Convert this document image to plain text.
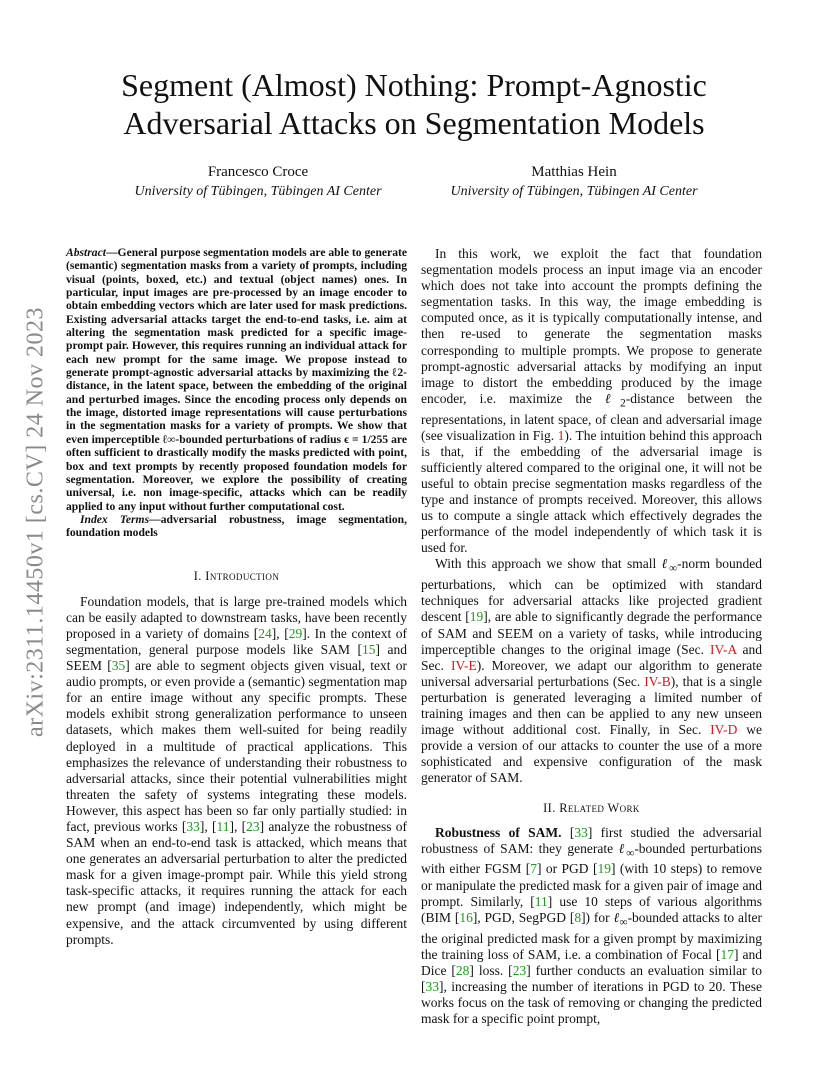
arXiv:2311.14450v1 [cs.CV] 24 Nov 2023
Segment (Almost) Nothing: Prompt-Agnostic
Adversarial Attacks on Segmentation Models
Francesco Croce
University of Tübingen, Tübingen AI Center
Matthias Hein
University of Tübingen, Tübingen AI Center

Abstract—General purpose segmentation models are able to generate (semantic) segmentation masks from a variety of prompts, including visual (points, boxed, etc.) and textual (object names) ones. In particular, input images are pre-processed by an image encoder to obtain embedding vectors which are later used for mask predictions. Existing adversarial attacks target the end-to-end tasks, i.e. aim at altering the segmentation mask predicted for a specific image-prompt pair. However, this requires running an individual attack for each new prompt for the same image. We propose instead to generate prompt-agnostic adversarial attacks by maximizing the ℓ2-distance, in the latent space, between the embedding of the original and perturbed images. Since the encoding process only depends on the image, distorted image representations will cause perturbations in the segmentation masks for a variety of prompts. We show that even imperceptible ℓ∞-bounded perturbations of radius ϵ = 1/255 are often sufficient to drastically modify the masks predicted with point, box and text prompts by recently proposed foundation models for segmentation. Moreover, we explore the possibility of creating universal, i.e. non image-specific, attacks which can be readily applied to any input without further computational cost.

Index Terms—adversarial robustness, image segmentation, foundation models

I. Introduction

Foundation models, that is large pre-trained models which can be easily adapted to downstream tasks, have been recently proposed in a variety of domains [24], [29]. In the context of segmentation, general purpose models like SAM [15] and SEEM [35] are able to segment objects given visual, text or audio prompts, or even provide a (semantic) segmentation map for an entire image without any specific prompts. These models exhibit strong generalization performance to unseen datasets, which makes them well-suited for being readily deployed in a multitude of practical applications. This emphasizes the relevance of understanding their robustness to adversarial attacks, since their potential vulnerabilities might threaten the safety of systems integrating these models. However, this aspect has been so far only partially studied: in fact, previous works [33], [11], [23] analyze the robustness of SAM when an end-to-end task is attacked, which means that one generates an adversarial perturbation to alter the predicted mask for a given image-prompt pair. While this yield strong task-specific attacks, it requires running the attack for each new prompt (and image) independently, which might be expensive, and the attack circumvented by using different prompts.

In this work, we exploit the fact that foundation segmentation models process an input image via an encoder which does not take into account the prompts defining the segmentation tasks. In this way, the image embedding is computed once, as it is typically computationally intense, and then re-used to generate the segmentation masks corresponding to multiple prompts. We propose to generate prompt-agnostic adversarial attacks by modifying an input image to distort the embedding produced by the image encoder, i.e. maximize the ℓ$_2$-distance between the representations, in latent space, of clean and adversarial image (see visualization in Fig. 1). The intuition behind this approach is that, if the embedding of the adversarial image is sufficiently altered compared to the original one, it will not be useful to obtain precise segmentation masks regardless of the type and instance of prompts received. Moreover, this allows us to compute a single attack which effectively degrades the performance of the model independently of which task it is used for.

With this approach we show that small ℓ$_\infty$-norm bounded perturbations, which can be optimized with standard techniques for adversarial attacks like projected gradient descent [19], are able to significantly degrade the performance of SAM and SEEM on a variety of tasks, while introducing imperceptible changes to the original image (Sec. IV-A and Sec. IV-E). Moreover, we adapt our algorithm to generate universal adversarial perturbations (Sec. IV-B), that is a single perturbation is generated leveraging a limited number of training images and then can be applied to any new unseen image without additional cost. Finally, in Sec. IV-D we provide a version of our attacks to counter the use of a more sophisticated and expensive configuration of the mask generator of SAM.

II. Related Work

Robustness of SAM. [33] first studied the adversarial robustness of SAM: they generate ℓ$_\infty$-bounded perturbations with either FGSM [7] or PGD [19] (with 10 steps) to remove or manipulate the predicted mask for a given pair of image and prompt. Similarly, [11] use 10 steps of various algorithms (BIM [16], PGD, SegPGD [8]) for ℓ$_\infty$-bounded attacks to alter the original predicted mask for a given prompt by maximizing the training loss of SAM, i.e. a combination of Focal [17] and Dice [28] loss. [23] further conducts an evaluation similar to [33], increasing the number of iterations in PGD to 20. These works focus on the task of removing or changing the predicted mask for a specific point prompt,
